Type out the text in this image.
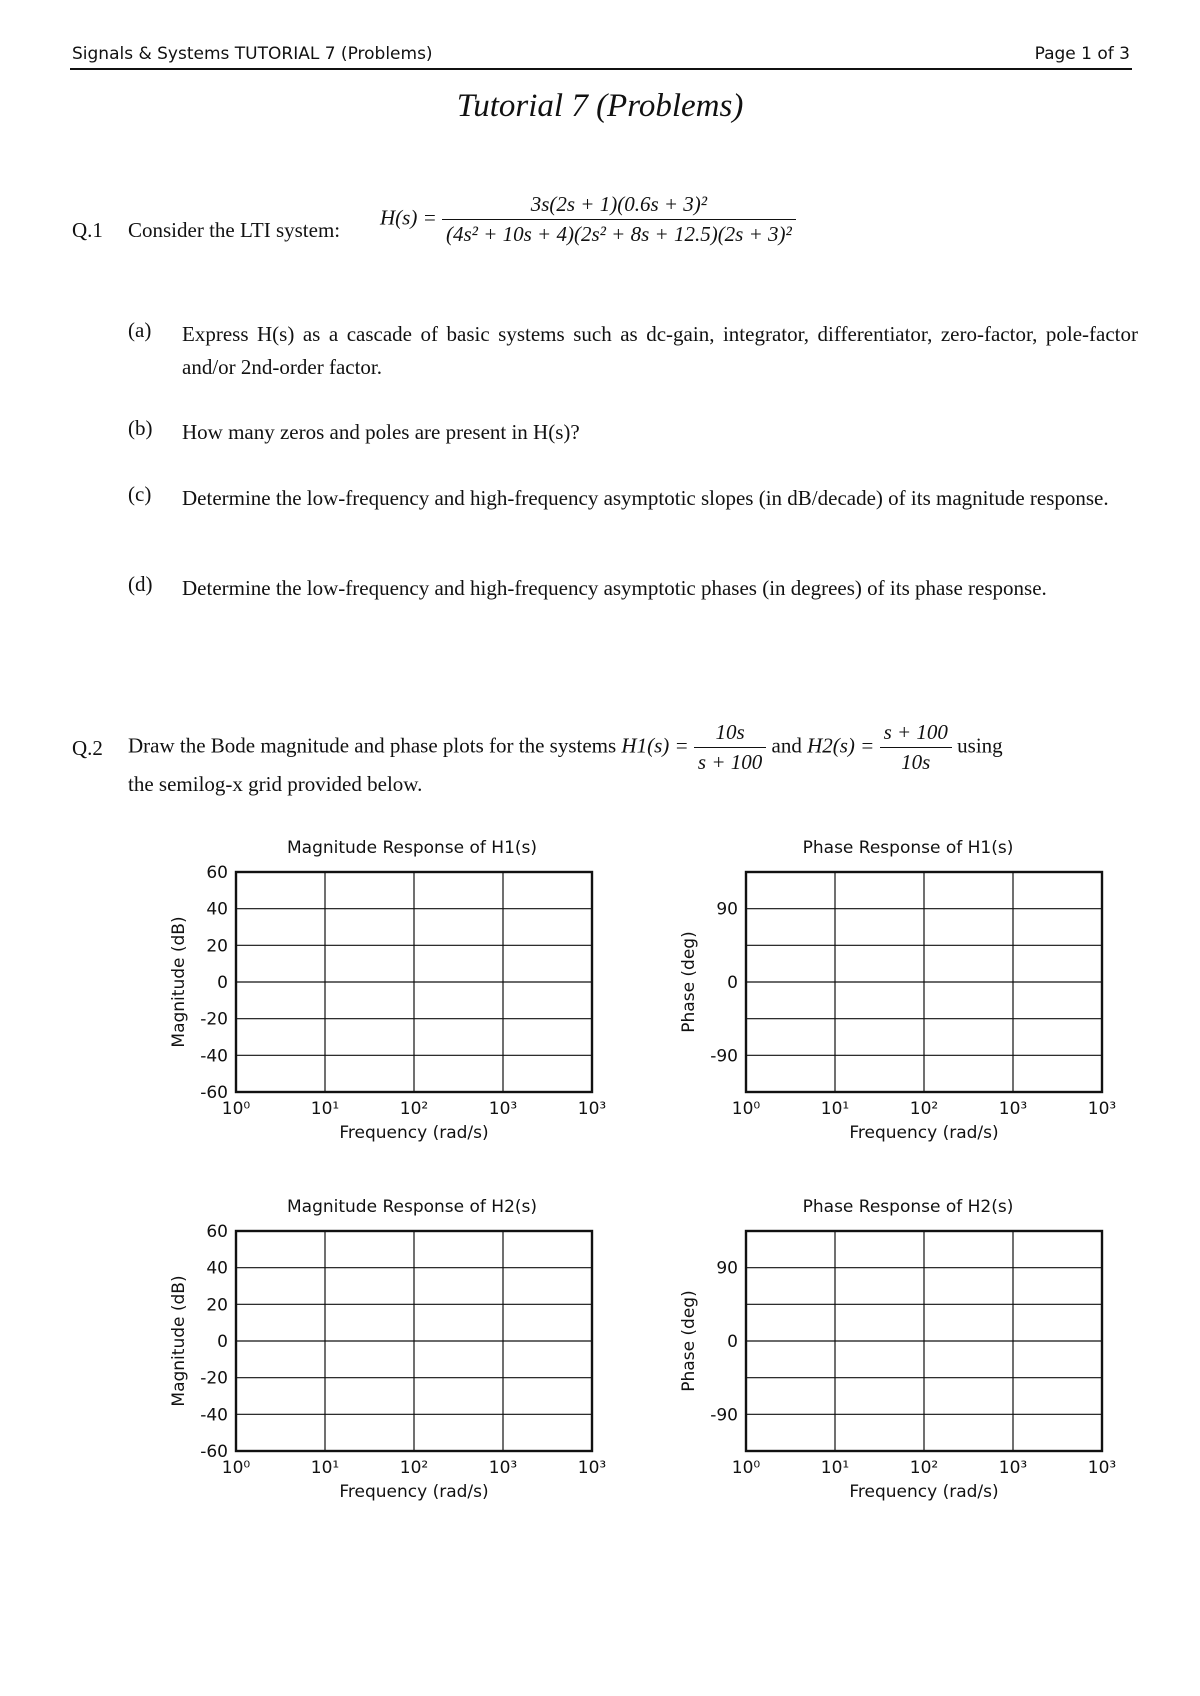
Signals & Systems TUTORIAL 7 (Problems)	Page 1 of 3
Tutorial 7 (Problems)
Q.1 Consider the LTI system:
$H(s) = \frac{\text{3s(2s + 1)(0.6s + 3)²}}{\text{(4s² + 10s + 4)(2s² + 8s + 12.5)(2s + 3)²}}$
(a) Express H(s) as a cascade of basic systems such as dc-gain, integrator, differentiator, zero-factor, pole-factor and/or 2nd-order factor.
(b) How many zeros and poles are present in H(s)?
(c) Determine the low-frequency and high-frequency asymptotic slopes (in dB/decade) of its magnitude response.
(d) Determine the low-frequency and high-frequency asymptotic phases (in degrees) of its phase response.
Q.2 Draw the Bode magnitude and phase plots for the systems $H1(s) = \frac{10s}{s + 100}$ and $H2(s) = \frac{s + 100}{10s}$ using
the semilog-x grid provided below.
Magnitude Response of H1(s)
60
40
20
0
-20
-40
-60
10⁰	10¹	10²	10³	10³
Frequency (rad/s)
Magnitude (dB)
Phase Response of H1(s)
90
0
-90
10⁰	10¹	10²	10³	10³
Frequency (rad/s)
Phase (deg)
Magnitude Response of H2(s)
60
40
20
0
-20
-40
-60
10⁰	10¹	10²	10³	10³
Frequency (rad/s)
Magnitude (dB)
Phase Response of H2(s)
90
0
-90
10⁰	10¹	10²	10³	10³
Frequency (rad/s)
Phase (deg)
